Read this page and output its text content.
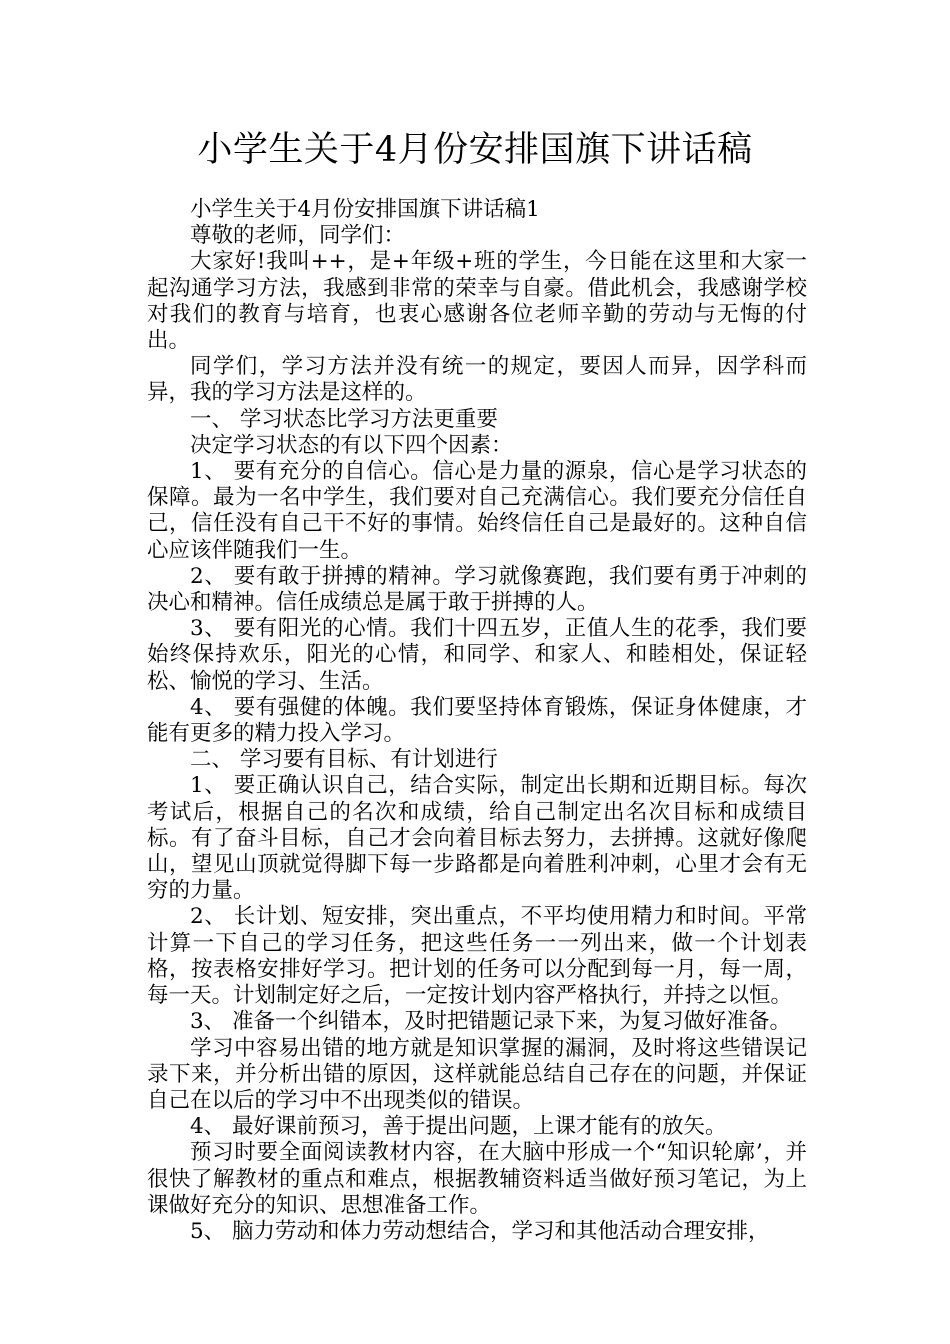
小学生关于4月份安排国旗下讲话稿

小学生关于4月份安排国旗下讲话稿1

尊敬的老师，同学们：

大家好!我叫++，是+年级+班的学生，今日能在这里和大家一起沟通学习方法，我感到非常的荣幸与自豪。借此机会，我感谢学校对我们的教育与培育，也衷心感谢各位老师辛勤的劳动与无悔的付出。

同学们，学习方法并没有统一的规定，要因人而异，因学科而异，我的学习方法是这样的。

一、 学习状态比学习方法更重要

决定学习状态的有以下四个因素：

1、 要有充分的自信心。信心是力量的源泉，信心是学习状态的保障。最为一名中学生，我们要对自己充满信心。我们要充分信任自己，信任没有自己干不好的事情。始终信任自己是最好的。这种自信心应该伴随我们一生。

2、 要有敢于拼搏的精神。学习就像赛跑，我们要有勇于冲刺的决心和精神。信任成绩总是属于敢于拼搏的人。

3、 要有阳光的心情。我们十四五岁，正值人生的花季，我们要始终保持欢乐，阳光的心情，和同学、和家人、和睦相处，保证轻松、愉悦的学习、生活。

4、 要有强健的体魄。我们要坚持体育锻炼，保证身体健康，才能有更多的精力投入学习。

二、 学习要有目标、有计划进行

1、 要正确认识自己，结合实际，制定出长期和近期目标。每次考试后，根据自己的名次和成绩，给自己制定出名次目标和成绩目标。有了奋斗目标，自己才会向着目标去努力，去拼搏。这就好像爬山，望见山顶就觉得脚下每一步路都是向着胜利冲刺，心里才会有无穷的力量。

2、 长计划、短安排，突出重点，不平均使用精力和时间。平常计算一下自己的学习任务，把这些任务一一列出来，做一个计划表格，按表格安排好学习。把计划的任务可以分配到每一月，每一周，每一天。计划制定好之后，一定按计划内容严格执行，并持之以恒。

3、 准备一个纠错本，及时把错题记录下来，为复习做好准备。

学习中容易出错的地方就是知识掌握的漏洞，及时将这些错误记录下来，并分析出错的原因，这样就能总结自己存在的问题，并保证自己在以后的学习中不出现类似的错误。

4、 最好课前预习，善于提出问题，上课才能有的放矢。

预习时要全面阅读教材内容，在大脑中形成一个“知识轮廓’，并很快了解教材的重点和难点，根据教辅资料适当做好预习笔记，为上课做好充分的知识、思想准备工作。

5、 脑力劳动和体力劳动想结合，学习和其他活动合理安排，
